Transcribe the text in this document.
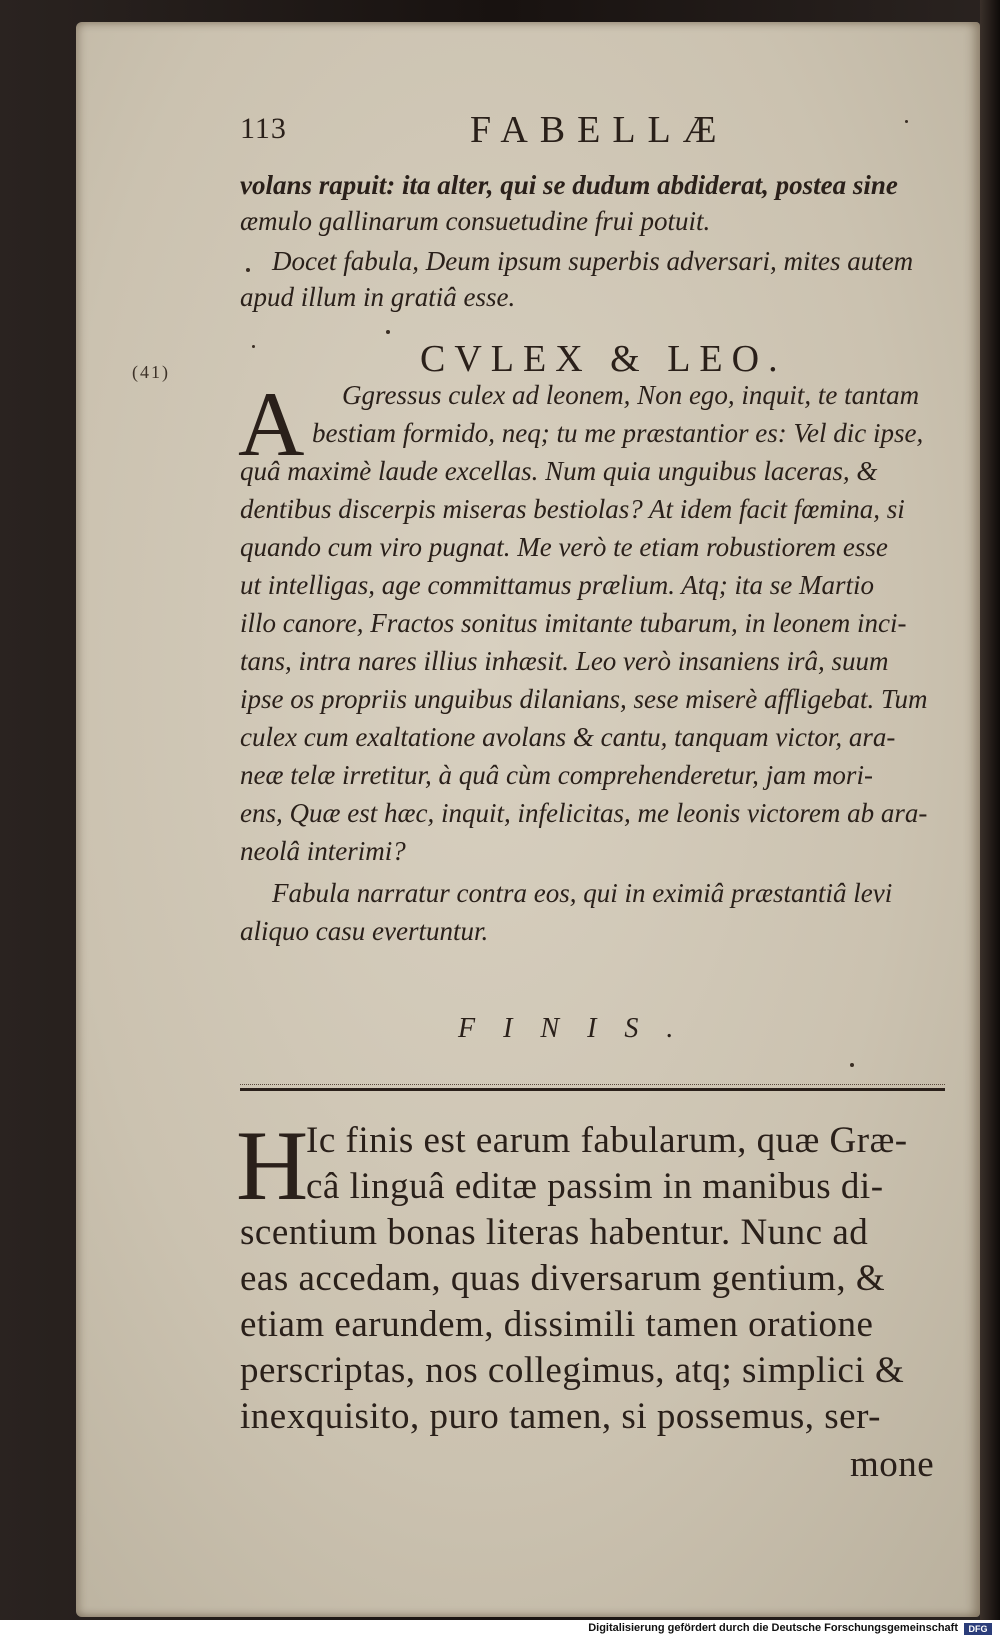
113	FABELLÆ
volans rapuit: ita alter, qui se dudum abdiderat, postea sine
æmulo gallinarum consuetudine frui potuit.
Docet fabula, Deum ipsum superbis adversari, mites autem
apud illum in gratiâ esse.
(41)	CVLEX & LEO.
A Ggressus culex ad leonem, Non ego, inquit, te tantam
bestiam formido, neq; tu me præstantior es: Vel dic ipse,
quâ maximè laude excellas. Num quia unguibus laceras, &
dentibus discerpis miseras bestiolas? At idem facit fœmina, si
quando cum viro pugnat. Me verò te etiam robustiorem esse
ut intelligas, age committamus prælium. Atq; ita se Martio
illo canore, Fractos sonitus imitante tubarum, in leonem inci-
tans, intra nares illius inhæsit. Leo verò insaniens irâ, suum
ipse os propriis unguibus dilanians, sese miserè affligebat. Tum
culex cum exaltatione avolans & cantu, tanquam victor, ara-
neæ telæ irretitur, à quâ cùm comprehenderetur, jam mori-
ens, Quæ est hæc, inquit, infelicitas, me leonis victorem ab ara-
neolâ interimi?
Fabula narratur contra eos, qui in eximiâ præstantiâ levi
aliquo casu evertuntur.
FINIS.
H
Ic finis est earum fabularum, quæ Græ-
câ linguâ editæ passim in manibus di-
scentium bonas literas habentur. Nunc ad
eas accedam, quas diversarum gentium, &
etiam earundem, dissimili tamen oratione
perscriptas, nos collegimus, atq; simplici &
inexquisito, puro tamen, si possemus, ser-
mone
Digitalisierung gefördert durch die Deutsche Forschungsgemeinschaft	DFG
